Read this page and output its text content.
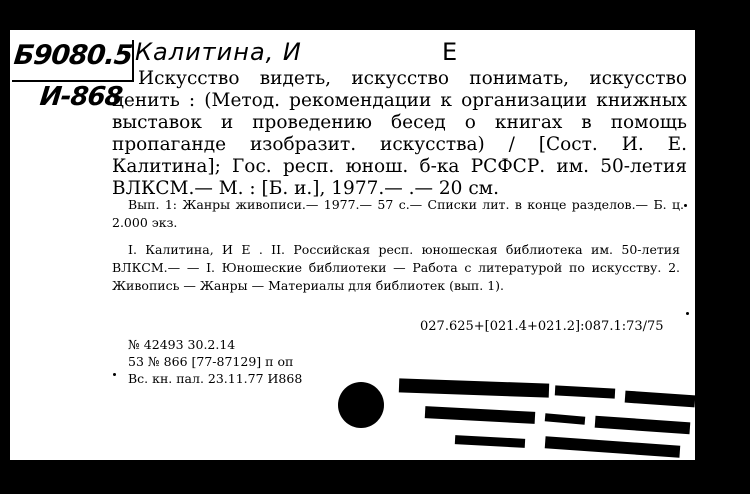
Б9080.5
И-868
Калитина, И	Е

Искусство видеть, искусство понимать, искусство ценить : (Метод. рекомендации к организации книжных выставок и проведению бесед о книгах в помощь пропаганде изобразит. искусства) / [Сост. И. Е. Калитина]; Гос. респ. юнош. б-ка РСФСР. им. 50-летия ВЛКСМ.— М. : [Б. и.], 1977.— .— 20 см.

Вып. 1: Жанры живописи.— 1977.— 57 с.— Списки лит. в конце разделов.— Б. ц. 2.000 экз.

I. Калитина, И Е . II. Российская респ. юношеская библиотека им. 50-летия ВЛКСМ.— — I. Юношеские библиотеки — Работа с литературой по искусству. 2. Живопись — Жанры — Материалы для библиотек (вып. 1).

027.625+[021.4+021.2]:087.1:73/75
№ 42493 30.2.14
53 № 866 [77-87129] п оп
Вс. кн. пал. 23.11.77 И868
